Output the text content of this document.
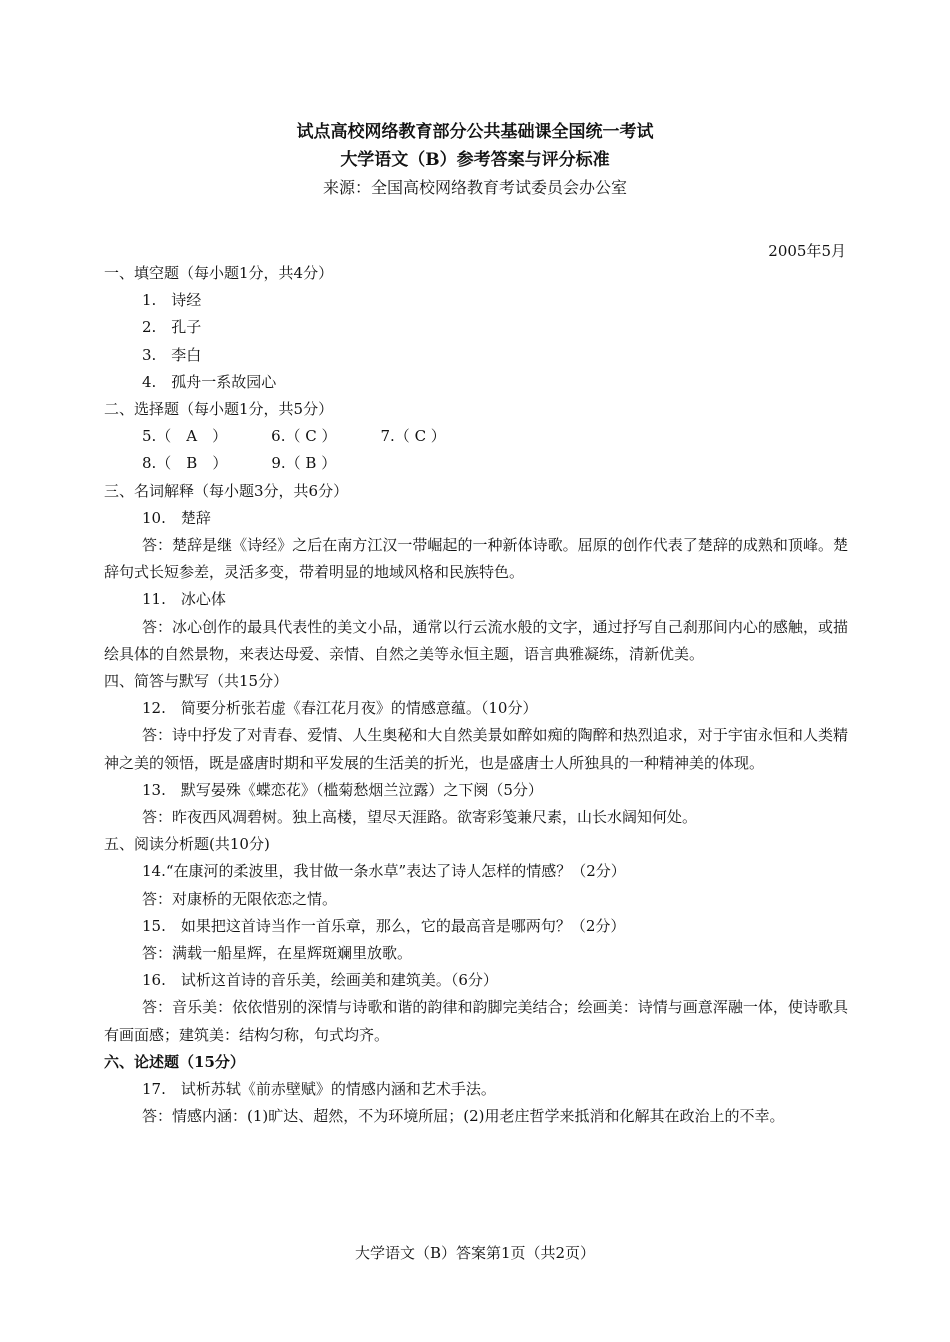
试点高校网络教育部分公共基础课全国统一考试
大学语文（B）参考答案与评分标准
来源：全国高校网络教育考试委员会办公室
2005年5月
一、填空题（每小题1分，共4分）
1.　诗经
2.　孔子
3.　李白
4.　孤舟一系故园心
二、选择题（每小题1分，共5分）
5.（　A　）	6.（ C ）	7.（ C ）
8.（　B　）	9.（ B ）
三、名词解释（每小题3分，共6分）
10.　楚辞
答：楚辞是继《诗经》之后在南方江汉一带崛起的一种新体诗歌。屈原的创作代表了楚辞的成熟和顶峰。楚辞句式长短参差，灵活多变，带着明显的地域风格和民族特色。
11.　冰心体
答：冰心创作的最具代表性的美文小品，通常以行云流水般的文字，通过抒写自己刹那间内心的感触，或描绘具体的自然景物，来表达母爱、亲情、自然之美等永恒主题，语言典雅凝练，清新优美。
四、简答与默写（共15分）
12.　简要分析张若虚《春江花月夜》的情感意蕴。（10分）
答：诗中抒发了对青春、爱情、人生奥秘和大自然美景如醉如痴的陶醉和热烈追求，对于宇宙永恒和人类精神之美的领悟，既是盛唐时期和平发展的生活美的折光，也是盛唐士人所独具的一种精神美的体现。
13.　默写晏殊《蝶恋花》（槛菊愁烟兰泣露）之下阕（5分）
答：昨夜西风凋碧树。独上高楼，望尽天涯路。欲寄彩笺兼尺素，山长水阔知何处。
五、阅读分析题(共10分)
14.“在康河的柔波里，我甘做一条水草”表达了诗人怎样的情感？（2分）
答：对康桥的无限依恋之情。
15.　如果把这首诗当作一首乐章，那么，它的最高音是哪两句？（2分）
答：满载一船星辉，在星辉斑斓里放歌。
16.　试析这首诗的音乐美，绘画美和建筑美。（6分）
答：音乐美：依依惜别的深情与诗歌和谐的韵律和韵脚完美结合；绘画美：诗情与画意浑融一体，使诗歌具有画面感；建筑美：结构匀称，句式均齐。
六、论述题（15分）
17.　试析苏轼《前赤壁赋》的情感内涵和艺术手法。
答：情感内涵：(1)旷达、超然，不为环境所屈；(2)用老庄哲学来抵消和化解其在政治上的不幸。
大学语文（B）答案第1页（共2页）
